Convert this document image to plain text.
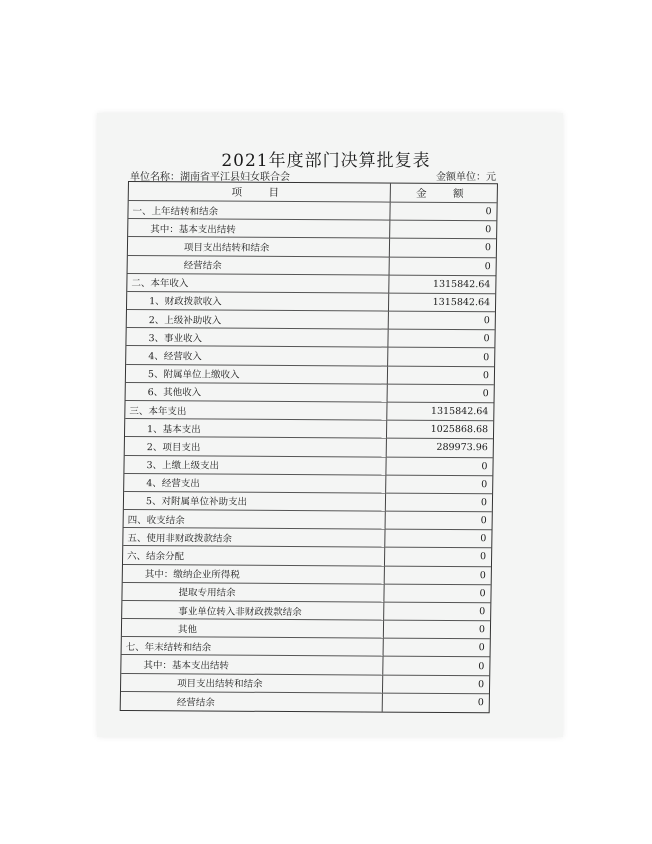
2021年度部门决算批复表
单位名称：湖南省平江县妇女联合会	金额单位：元
项　目	金　额
一、上年结转和结余	0
其中：基本支出结转	0
项目支出结转和结余	0
经营结余	0
二、本年收入	1315842.64
1、财政拨款收入	1315842.64
2、上级补助收入	0
3、事业收入	0
4、经营收入	0
5、附属单位上缴收入	0
6、其他收入	0
三、本年支出	1315842.64
1、基本支出	1025868.68
2、项目支出	289973.96
3、上缴上级支出	0
4、经营支出	0
5、对附属单位补助支出	0
四、收支结余	0
五、使用非财政拨款结余	0
六、结余分配	0
其中：缴纳企业所得税	0
提取专用结余	0
事业单位转入非财政拨款结余	0
其他	0
七、年末结转和结余	0
其中：基本支出结转	0
项目支出结转和结余	0
经营结余	0
